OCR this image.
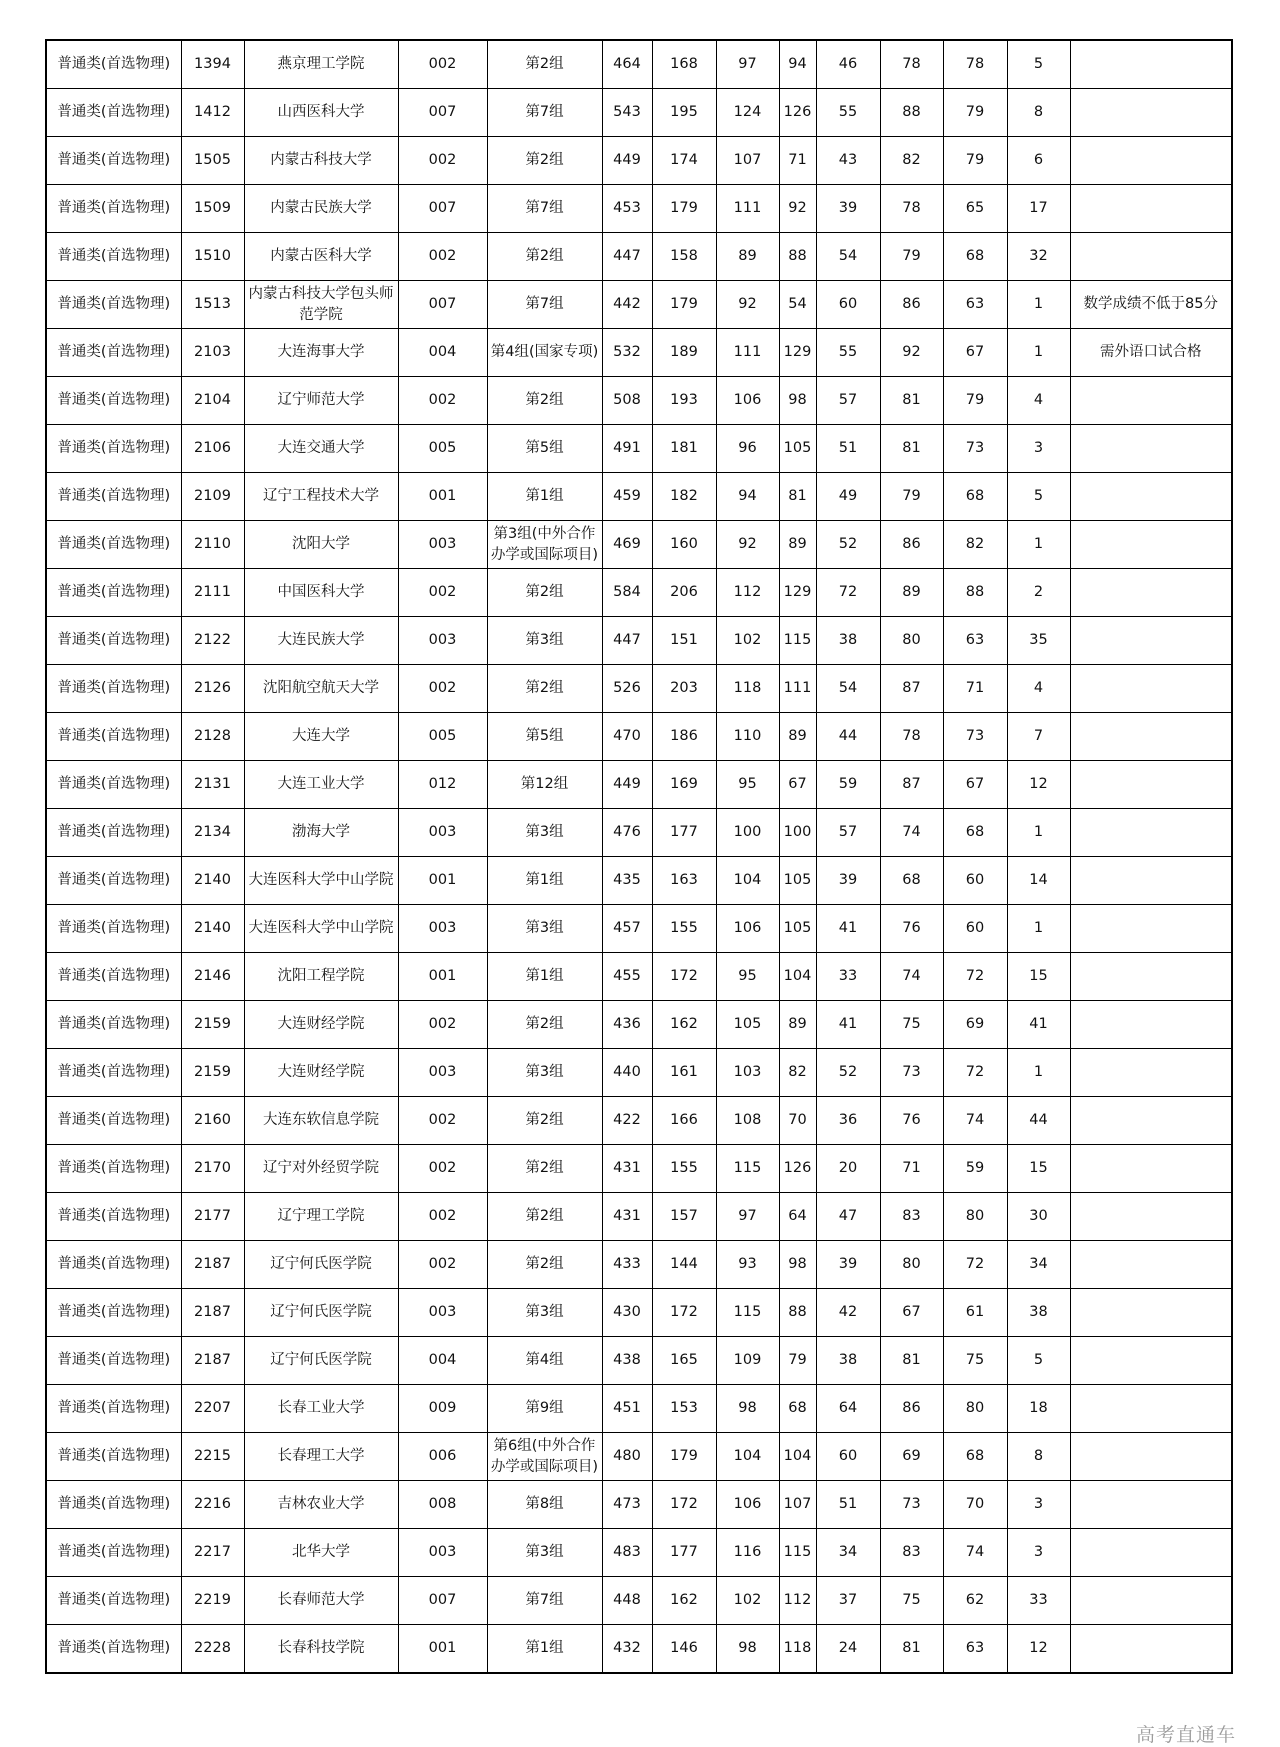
普通类(首选物理)	1394	燕京理工学院	002	第2组	464	168	97	94	46	78	78	5	
普通类(首选物理)	1412	山西医科大学	007	第7组	543	195	124	126	55	88	79	8	
普通类(首选物理)	1505	内蒙古科技大学	002	第2组	449	174	107	71	43	82	79	6	
普通类(首选物理)	1509	内蒙古民族大学	007	第7组	453	179	111	92	39	78	65	17	
普通类(首选物理)	1510	内蒙古医科大学	002	第2组	447	158	89	88	54	79	68	32	
普通类(首选物理)	1513	内蒙古科技大学包头师范学院	007	第7组	442	179	92	54	60	86	63	1	数学成绩不低于85分
普通类(首选物理)	2103	大连海事大学	004	第4组(国家专项)	532	189	111	129	55	92	67	1	需外语口试合格
普通类(首选物理)	2104	辽宁师范大学	002	第2组	508	193	106	98	57	81	79	4	
普通类(首选物理)	2106	大连交通大学	005	第5组	491	181	96	105	51	81	73	3	
普通类(首选物理)	2109	辽宁工程技术大学	001	第1组	459	182	94	81	49	79	68	5	
普通类(首选物理)	2110	沈阳大学	003	第3组(中外合作办学或国际项目)	469	160	92	89	52	86	82	1	
普通类(首选物理)	2111	中国医科大学	002	第2组	584	206	112	129	72	89	88	2	
普通类(首选物理)	2122	大连民族大学	003	第3组	447	151	102	115	38	80	63	35	
普通类(首选物理)	2126	沈阳航空航天大学	002	第2组	526	203	118	111	54	87	71	4	
普通类(首选物理)	2128	大连大学	005	第5组	470	186	110	89	44	78	73	7	
普通类(首选物理)	2131	大连工业大学	012	第12组	449	169	95	67	59	87	67	12	
普通类(首选物理)	2134	渤海大学	003	第3组	476	177	100	100	57	74	68	1	
普通类(首选物理)	2140	大连医科大学中山学院	001	第1组	435	163	104	105	39	68	60	14	
普通类(首选物理)	2140	大连医科大学中山学院	003	第3组	457	155	106	105	41	76	60	1	
普通类(首选物理)	2146	沈阳工程学院	001	第1组	455	172	95	104	33	74	72	15	
普通类(首选物理)	2159	大连财经学院	002	第2组	436	162	105	89	41	75	69	41	
普通类(首选物理)	2159	大连财经学院	003	第3组	440	161	103	82	52	73	72	1	
普通类(首选物理)	2160	大连东软信息学院	002	第2组	422	166	108	70	36	76	74	44	
普通类(首选物理)	2170	辽宁对外经贸学院	002	第2组	431	155	115	126	20	71	59	15	
普通类(首选物理)	2177	辽宁理工学院	002	第2组	431	157	97	64	47	83	80	30	
普通类(首选物理)	2187	辽宁何氏医学院	002	第2组	433	144	93	98	39	80	72	34	
普通类(首选物理)	2187	辽宁何氏医学院	003	第3组	430	172	115	88	42	67	61	38	
普通类(首选物理)	2187	辽宁何氏医学院	004	第4组	438	165	109	79	38	81	75	5	
普通类(首选物理)	2207	长春工业大学	009	第9组	451	153	98	68	64	86	80	18	
普通类(首选物理)	2215	长春理工大学	006	第6组(中外合作办学或国际项目)	480	179	104	104	60	69	68	8	
普通类(首选物理)	2216	吉林农业大学	008	第8组	473	172	106	107	51	73	70	3	
普通类(首选物理)	2217	北华大学	003	第3组	483	177	116	115	34	83	74	3	
普通类(首选物理)	2219	长春师范大学	007	第7组	448	162	102	112	37	75	62	33	
普通类(首选物理)	2228	长春科技学院	001	第1组	432	146	98	118	24	81	63	12	
高考直通车
